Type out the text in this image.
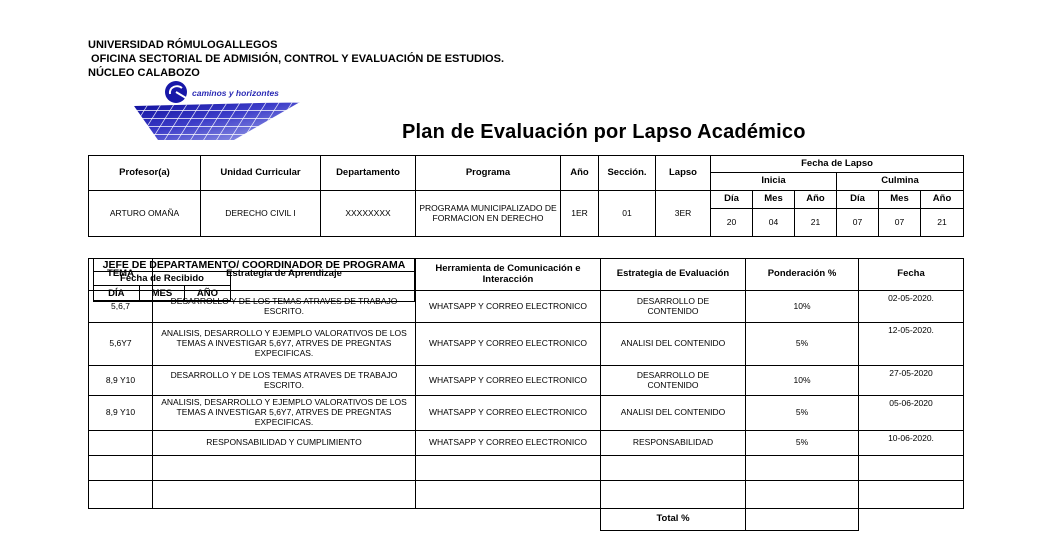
UNIVERSIDAD RÓMULOGALLEGOS
OFICINA SECTORIAL DE ADMISIÓN, CONTROL Y EVALUACIÓN DE ESTUDIOS.
NÚCLEO CALABOZO
caminos y horizontes
Plan de Evaluación por Lapso Académico
Profesor(a)	Unidad Curricular	Departamento	Programa	Año	Sección.	Lapso	Fecha de Lapso					
							Inicia			Culmina		
ARTURO OMAÑA	DERECHO CIVIL I	XXXXXXXX	PROGRAMA MUNICIPALIZADO DE FORMACION EN DERECHO	1ER	01	3ER	Día	Mes	Año	Día	Mes	Año
							20	04	21	07	07	21
TEMA	Estrategia de Aprendizaje	Herramienta de Comunicación e Interacción	Estrategia de Evaluación	Ponderación %	Fecha
5,6,7	DESARROLLO Y DE LOS TEMAS ATRAVES DE TRABAJO ESCRITO.	WHATSAPP Y CORREO ELECTRONICO	DESARROLLO DE CONTENIDO	10%	02-05-2020.
5,6Y7	ANALISIS, DESARROLLO Y EJEMPLO VALORATIVOS DE LOS TEMAS A INVESTIGAR 5,6Y7, ATRVES DE PREGNTAS EXPECIFICAS.	WHATSAPP Y CORREO ELECTRONICO	ANALISI DEL CONTENIDO	5%	12-05-2020.
8,9 Y10	DESARROLLO Y DE LOS TEMAS ATRAVES DE TRABAJO ESCRITO.	WHATSAPP Y CORREO ELECTRONICO	DESARROLLO DE CONTENIDO	10%	27-05-2020
8,9 Y10	ANALISIS, DESARROLLO Y EJEMPLO VALORATIVOS DE LOS TEMAS A INVESTIGAR 5,6Y7, ATRVES DE PREGNTAS EXPECIFICAS.	WHATSAPP Y CORREO ELECTRONICO	ANALISI DEL CONTENIDO	5%	05-06-2020
	RESPONSABILIDAD Y CUMPLIMIENTO	WHATSAPP Y CORREO ELECTRONICO	RESPONSABILIDAD	5%	10-06-2020.

			Total %		
JEFE DE DEPARTAMENTO/ COORDINADOR DE PROGRAMA
Fecha de Recibido
DÍA	MES	AÑO
